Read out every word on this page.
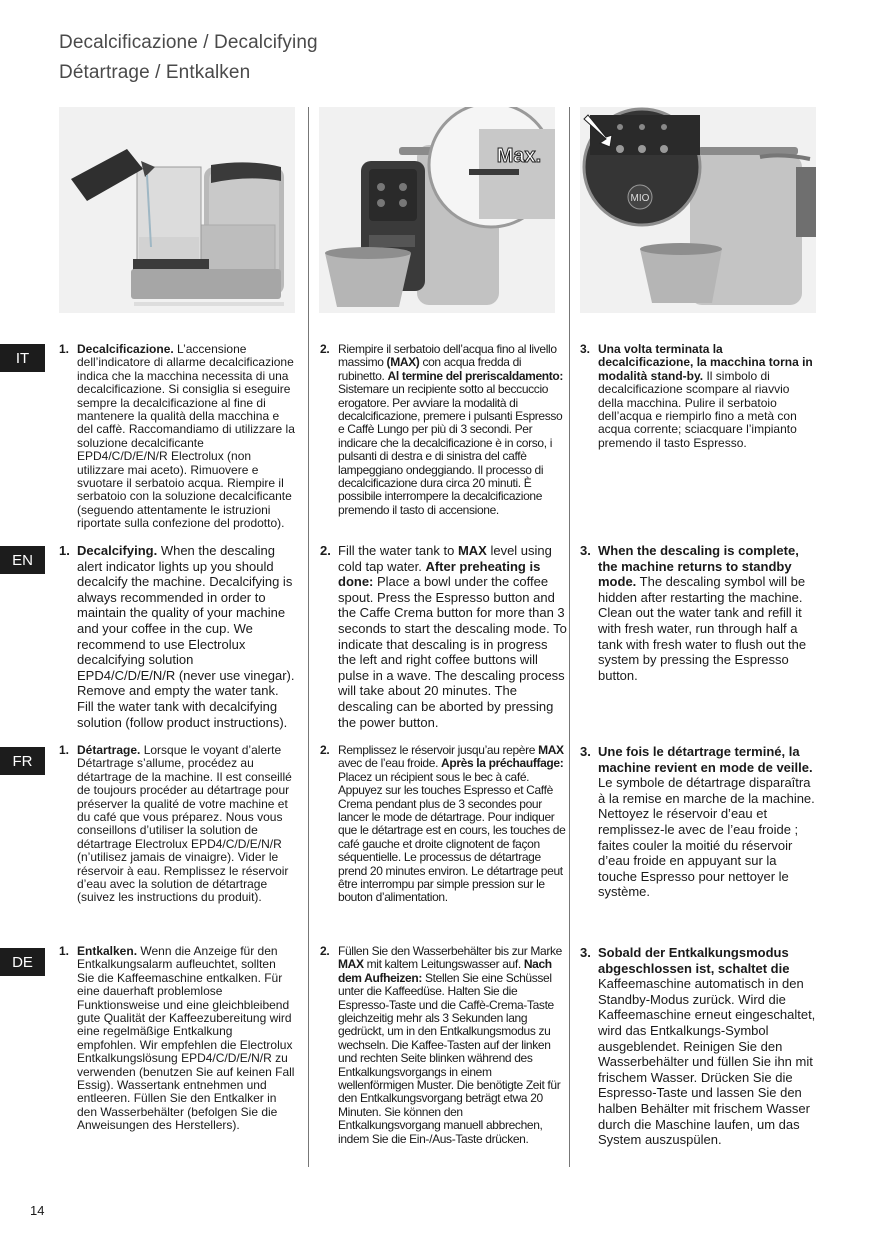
Decalcificazione / Decalcifying
Détartrage / Entkalken
Max.
MIO
IT
EN
FR
DE
1. Decalcificazione. L’accensione dell’indicatore di allarme decalcificazione indica che la macchina necessita di una decalcificazione. Si consiglia si eseguire sempre la decalcificazione al fine di mantenere la qualità della macchina e del caffè. Raccomandiamo di utilizzare la soluzione decalcificante EPD4/C/D/E/N/R Electrolux (non utilizzare mai aceto). Rimuovere e svuotare il serbatoio acqua. Riempire il serbatoio con la soluzione decalcificante (seguendo attentamente le istruzioni riportate sulla confezione del prodotto).
2. Riempire il serbatoio dell’acqua fino al livello massimo (MAX) con acqua fredda di rubinetto. Al termine del preriscaldamento: Sistemare un recipiente sotto al beccuccio erogatore. Per avviare la modalità di decalcificazione, premere i pulsanti Espresso e Caffè Lungo per più di 3 secondi. Per indicare che la decalcificazione è in corso, i pulsanti di destra e di sinistra del caffè lampeggiano ondeggiando. Il processo di decalcificazione dura circa 20 minuti. È possibile interrompere la decalcificazione premendo il tasto di accensione.
3. Una volta terminata la decalcificazione, la macchina torna in modalità stand-by. Il simbolo di decalcificazione scompare al riavvio della macchina. Pulire il serbatoio dell’acqua e riempirlo fino a metà con acqua corrente; sciacquare l’impianto premendo il tasto Espresso.
1. Decalcifying. When the descaling alert indicator lights up you should decalcify the machine. Decalcifying is always recommended in order to maintain the quality of your machine and your coffee in the cup. We recommend to use Electrolux decalcifying solution EPD4/C/D/E/N/R (never use vinegar). Remove and empty the water tank. Fill the water tank with decalcifying solution (follow product instructions).
2. Fill the water tank to MAX level using cold tap water. After preheating is done: Place a bowl under the coffee spout. Press the Espresso button and the Caffe Crema button for more than 3 seconds to start the descaling mode. To indicate that descaling is in progress the left and right coffee buttons will pulse in a wave. The descaling process will take about 20 minutes. The descaling can be aborted by pressing the power button.
3. When the descaling is complete, the machine returns to standby mode. The descaling symbol will be hidden after restarting the machine. Clean out the water tank and refill it with fresh water, run through half a tank with fresh water to flush out the system by pressing the Espresso button.
1. Détartrage. Lorsque le voyant d’alerte Détartrage s’allume, procédez au détartrage de la machine. Il est conseillé de toujours procéder au détartrage pour préserver la qualité de votre machine et du café que vous préparez. Nous vous conseillons d’utiliser la solution de détartrage Electrolux EPD4/C/D/E/N/R (n’utilisez jamais de vinaigre). Vider le réservoir à eau. Remplissez le réservoir d’eau avec la solution de détartrage (suivez les instructions du produit).
2. Remplissez le réservoir jusqu’au repère MAX avec de l’eau froide. Après la préchauffage: Placez un récipient sous le bec à café. Appuyez sur les touches Espresso et Caffè Crema pendant plus de 3 secondes pour lancer le mode de détartrage. Pour indiquer que le détartrage est en cours, les touches de café gauche et droite clignotent de façon séquentielle. Le processus de détartrage prend 20 minutes environ. Le détartrage peut être interrompu par simple pression sur le bouton d’alimentation.
3. Une fois le détartrage terminé, la machine revient en mode de veille. Le symbole de détartrage disparaîtra à la remise en marche de la machine. Nettoyez le réservoir d’eau et remplissez-le avec de l’eau froide ; faites couler la moitié du réservoir d’eau froide en appuyant sur la touche Espresso pour nettoyer le système.
1. Entkalken. Wenn die Anzeige für den Entkalkungsalarm aufleuchtet, sollten Sie die Kaffeemaschine entkalken. Für eine dauerhaft problemlose Funktionsweise und eine gleichbleibend gute Qualität der Kaffeezubereitung wird eine regelmäßige Entkalkung empfohlen. Wir empfehlen die Electrolux Entkalkungslösung EPD4/C/D/E/N/R zu verwenden (benutzen Sie auf keinen Fall Essig). Wassertank entnehmen und entleeren. Füllen Sie den Entkalker in den Wasserbehälter (befolgen Sie die Anweisungen des Herstellers).
2. Füllen Sie den Wasserbehälter bis zur Marke MAX mit kaltem Leitungswasser auf. Nach dem Aufheizen: Stellen Sie eine Schüssel unter die Kaffeedüse. Halten Sie die Espresso-Taste und die Caffè-Crema-Taste gleichzeitig mehr als 3 Sekunden lang gedrückt, um in den Entkalkungsmodus zu wechseln. Die Kaffee-Tasten auf der linken und rechten Seite blinken während des Entkalkungsvorgangs in einem wellenförmigen Muster. Die benötigte Zeit für den Entkalkungsvorgang beträgt etwa 20 Minuten. Sie können den Entkalkungsvorgang manuell abbrechen, indem Sie die Ein-/Aus-Taste drücken.
3. Sobald der Entkalkungsmodus abgeschlossen ist, schaltet die Kaffeemaschine automatisch in den Standby-Modus zurück. Wird die Kaffeemaschine erneut eingeschaltet, wird das Entkalkungs-Symbol ausgeblendet. Reinigen Sie den Wasserbehälter und füllen Sie ihn mit frischem Wasser. Drücken Sie die Espresso-Taste und lassen Sie den halben Behälter mit frischem Wasser durch die Maschine laufen, um das System auszuspülen.
14
